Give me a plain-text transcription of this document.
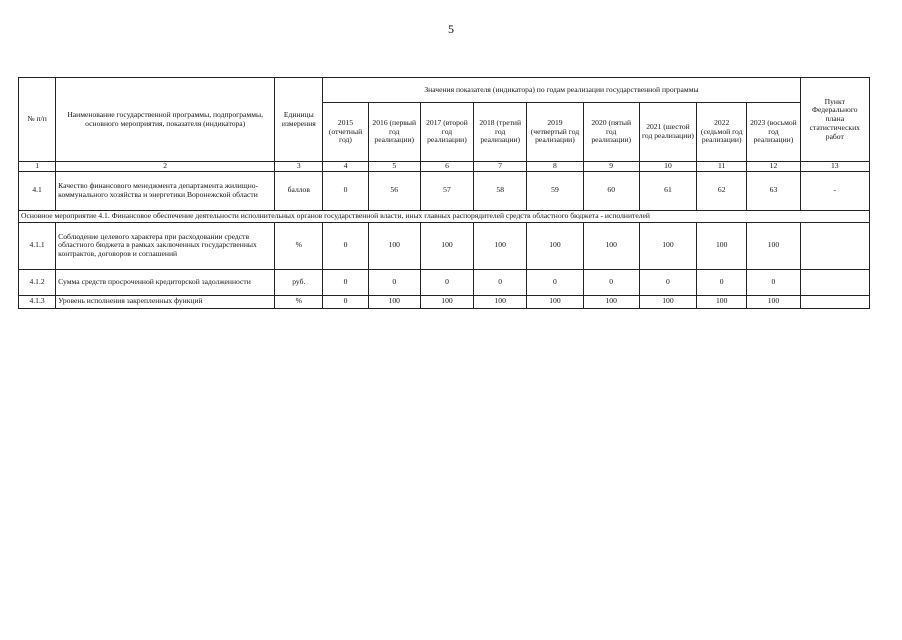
5
№ п/п	Наименование государственной программы, подпрограммы, основного мероприятия, показателя (индикатора)	Единицы измерения	Значения показателя (индикатора) по годам реализации государственной программы									Пункт Федерального плана статистических работ
			2015 (отчетный год)	2016 (первый год реализации)	2017 (второй год реализации)	2018 (третий год реализации)	2019 (четвертый год реализации)	2020 (пятый год реализации)	2021 (шестой год реализации)	2022 (седьмой год реализации)	2023 (восьмой год реализации)	
1	2	3	4	5	6	7	8	9	10	11	12	13
4.1	Качество финансового менеджмента департамента жилищно-коммунального хозяйства и энергетики Воронежской области	баллов	0	56	57	58	59	60	61	62	63	-
Основное мероприятие 4.1. Финансовое обеспечение деятельности исполнительных органов государственной власти, иных главных распорядителей средств областного бюджета - исполнителей												
4.1.1	Соблюдение целевого характера при расходовании средств областного бюджета в рамках заключенных государственных контрактов, договоров и соглашений	%	0	100	100	100	100	100	100	100	100	
4.1.2	Сумма средств просроченной кредиторской задолженности	руб.	0	0	0	0	0	0	0	0	0	
4.1.3	Уровень исполнения закрепленных функций	%	0	100	100	100	100	100	100	100	100	
